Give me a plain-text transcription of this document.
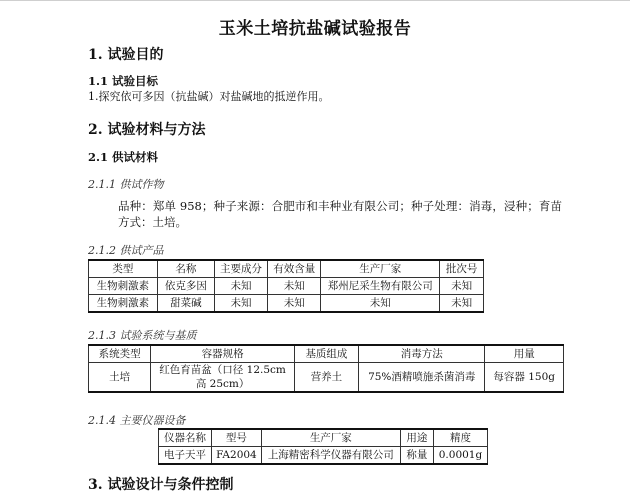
玉米土培抗盐碱试验报告
1. 试验目的
1.1 试验目标
1.探究依可多因（抗盐碱）对盐碱地的抵逆作用。
2. 试验材料与方法
2.1 供试材料
2.1.1 供试作物
品种：郑单 958；种子来源：合肥市和丰种业有限公司；种子处理：消毒，浸种；育苗方式：土培。
2.1.2 供试产品
类型	名称	主要成分	有效含量	生产厂家	批次号
生物刺激素	依克多因	未知	未知	郑州尼采生物有限公司	未知
生物刺激素	甜菜碱	未知	未知	未知	未知
2.1.3 试验系统与基质
系统类型	容器规格	基质组成	消毒方法	用量
土培	红色育苗盆（口径 12.5cm 高 25cm）	营养土	75%酒精喷施杀菌消毒	每容器 150g
2.1.4 主要仪器设备
仪器名称	型号	生产厂家	用途	精度
电子天平	FA2004	上海精密科学仪器有限公司	称量	0.0001g
3. 试验设计与条件控制
